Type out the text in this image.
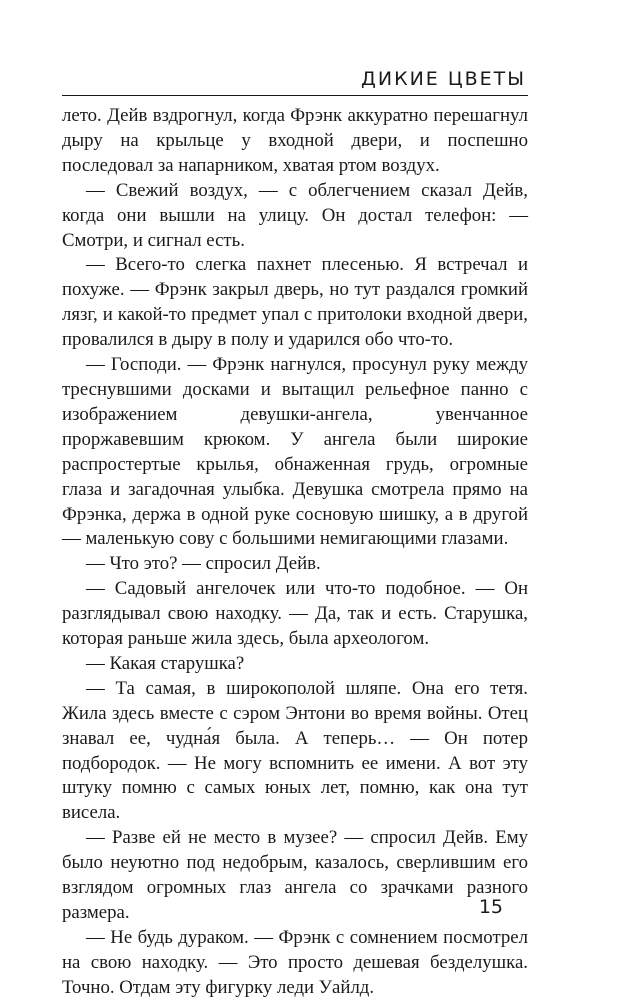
ДИКИЕ ЦВЕТЫ

лето. Дейв вздрогнул, когда Фрэнк аккуратно перешагнул дыру на крыльце у входной двери, и поспешно последовал за напарником, хватая ртом воздух.

— Свежий воздух, — с облегчением сказал Дейв, когда они вышли на улицу. Он достал телефон: — Смотри, и сигнал есть.

— Всего-то слегка пахнет плесенью. Я встречал и похуже. — Фрэнк закрыл дверь, но тут раздался громкий лязг, и какой-то предмет упал с притолоки входной двери, провалился в дыру в полу и ударился обо что-то.

— Господи. — Фрэнк нагнулся, просунул руку между треснувшими досками и вытащил рельефное панно с изображением девушки-ангела, увенчанное проржавевшим крюком. У ангела были широкие распростертые крылья, обнаженная грудь, огромные глаза и загадочная улыбка. Девушка смотрела прямо на Фрэнка, держа в одной руке сосновую шишку, а в другой — маленькую сову с большими немигающими глазами.

— Что это? — спросил Дейв.

— Садовый ангелочек или что-то подобное. — Он разглядывал свою находку. — Да, так и есть. Старушка, которая раньше жила здесь, была археологом.

— Какая старушка?

— Та самая, в широкополой шляпе. Она его тетя. Жила здесь вместе с сэром Энтони во время войны. Отец знавал ее, чудна́я была. А теперь… — Он потер подбородок. — Не могу вспомнить ее имени. А вот эту штуку помню с самых юных лет, помню, как она тут висела.

— Разве ей не место в музее? — спросил Дейв. Ему было неуютно под недобрым, казалось, сверлившим его взглядом огромных глаз ангела со зрачками разного размера.

— Не будь дураком. — Фрэнк с сомнением посмотрел на свою находку. — Это просто дешевая безделушка. Точно. Отдам эту фигурку леди Уайлд.

15
